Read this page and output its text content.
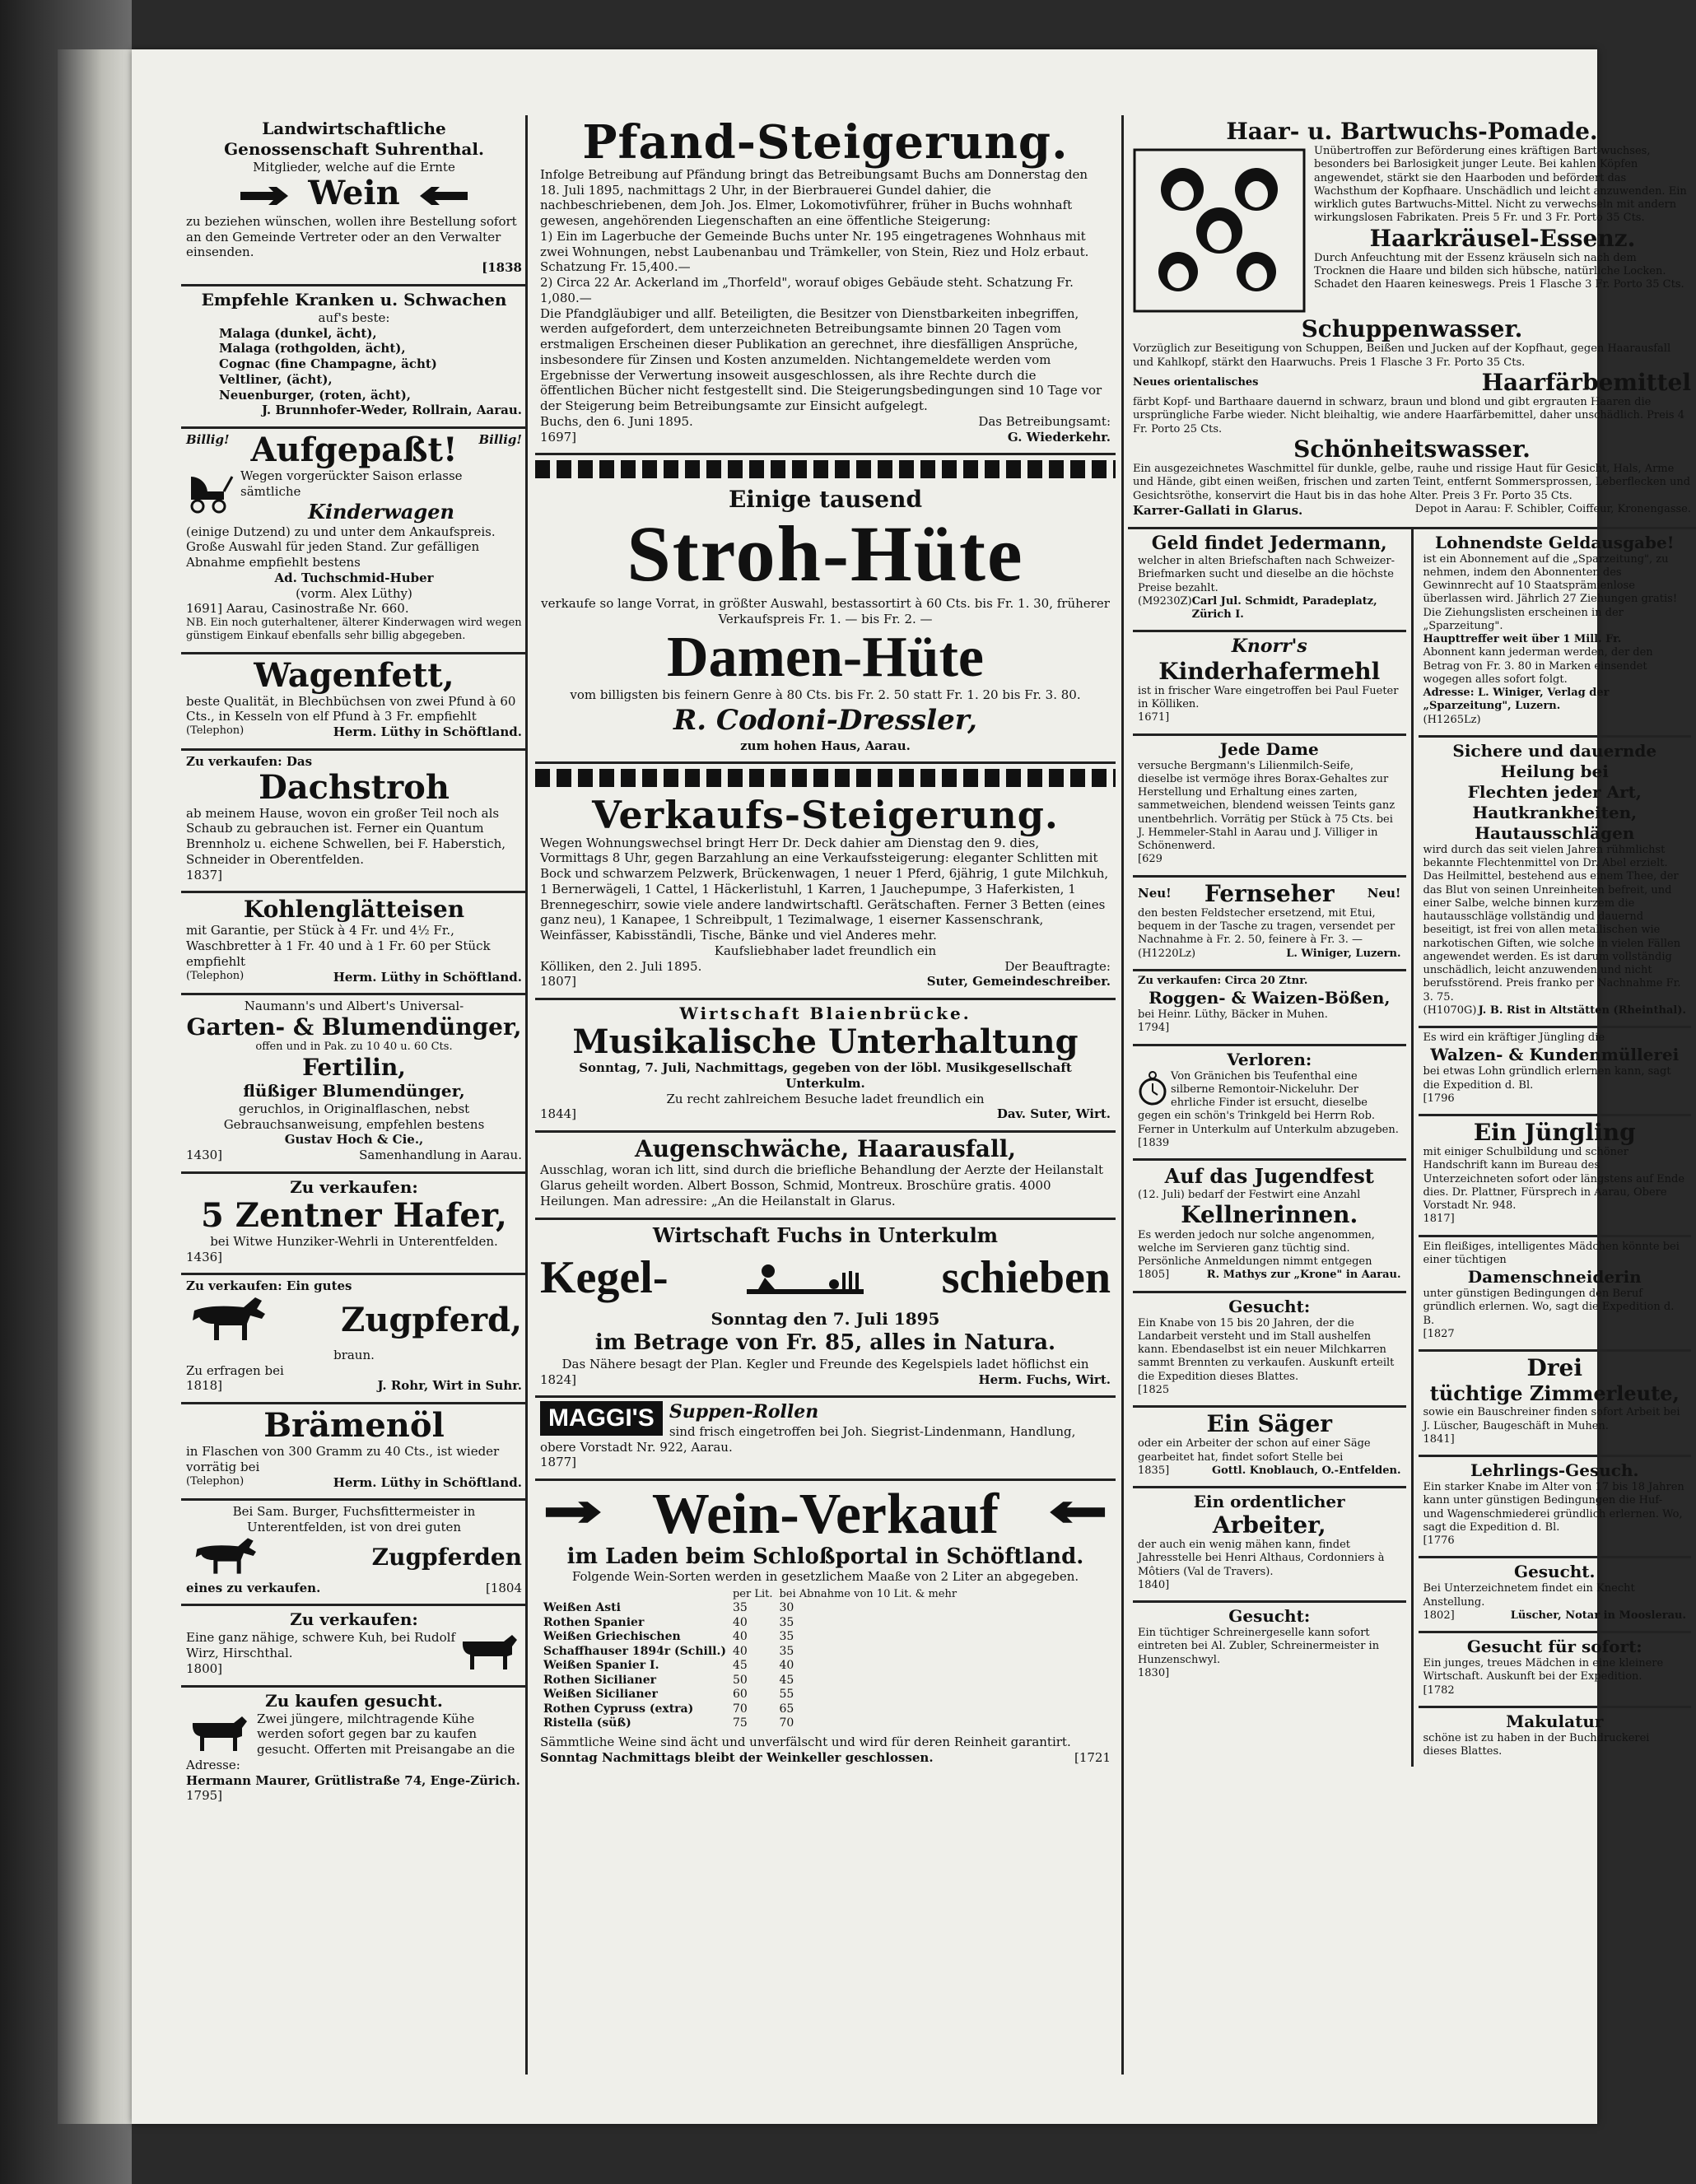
Landwirtschaftliche
Genossenschaft Suhrenthal.
Mitglieder, welche auf die Ernte
Wein
zu beziehen wünschen, wollen ihre Bestellung sofort an den Gemeinde Vertreter oder an den Verwalter einsenden.
[1838
Empfehle Kranken u. Schwachen
auf's beste:
Malaga (dunkel, ächt),
Malaga (rothgolden, ächt),
Cognac (fine Champagne, ächt)
Veltliner, (ächt),
Neuenburger, (roten, ächt),
J. Brunnhofer-Weder, Rollrain, Aarau.
Billig! Aufgepaßt! Billig!
Wegen vorgerückter Saison erlasse sämtliche
Kinderwagen
(einige Dutzend) zu und unter dem Ankaufspreis. Große Auswahl für jeden Stand. Zur gefälligen Abnahme empfiehlt bestens
Ad. Tuchschmid-Huber
(vorm. Alex Lüthy)
1691] Aarau, Casinostraße Nr. 660.
NB. Ein noch guterhaltener, älterer Kinderwagen wird wegen günstigem Einkauf ebenfalls sehr billig abgegeben.
Wagenfett,
beste Qualität, in Blechbüchsen von zwei Pfund à 60 Cts., in Kesseln von elf Pfund à 3 Fr. empfiehlt
(Telephon)	Herm. Lüthy in Schöftland.
Zu verkaufen: Das
Dachstroh
ab meinem Hause, wovon ein großer Teil noch als Schaub zu gebrauchen ist. Ferner ein Quantum Brennholz u. eichene Schwellen, bei F. Haberstich, Schneider in Oberentfelden.
1837]
Kohlenglätteisen
mit Garantie, per Stück à 4 Fr. und 4½ Fr., Waschbretter à 1 Fr. 40 und à 1 Fr. 60 per Stück empfiehlt
(Telephon)	Herm. Lüthy in Schöftland.
Naumann's und Albert's Universal-
Garten- & Blumendünger,
offen und in Pak. zu 10 40 u. 60 Cts.
Fertilin,
flüßiger Blumendünger,
geruchlos, in Originalflaschen, nebst Gebrauchsanweisung, empfehlen bestens
Gustav Hoch & Cie.,
1430]	Samenhandlung in Aarau.
Zu verkaufen:
5 Zentner Hafer,
bei Witwe Hunziker-Wehrli in Unterentfelden.
1436]
Zu verkaufen: Ein gutes
Zugpferd,
braun.
Zu erfragen bei
1818]	J. Rohr, Wirt in Suhr.
Brämenöl
in Flaschen von 300 Gramm zu 40 Cts., ist wieder vorrätig bei
(Telephon)	Herm. Lüthy in Schöftland.
Bei Sam. Burger, Fuchsfittermeister in Unterentfelden, ist von drei guten
Zugpferden
eines zu verkaufen.	[1804
Zu verkaufen:
Eine ganz nähige, schwere Kuh, bei Rudolf Wirz, Hirschthal.
1800]
Zu kaufen gesucht.
Zwei jüngere, milchtragende Kühe werden sofort gegen bar zu kaufen gesucht. Offerten mit Preisangabe an die Adresse:
Hermann Maurer, Grütlistraße 74, Enge-Zürich.
1795]
Pfand-Steigerung.
Infolge Betreibung auf Pfändung bringt das Betreibungsamt Buchs am Donnerstag den 18. Juli 1895, nachmittags 2 Uhr, in der Bierbrauerei Gundel dahier, die nachbeschriebenen, dem Joh. Jos. Elmer, Lokomotivführer, früher in Buchs wohnhaft gewesen, angehörenden Liegenschaften an eine öffentliche Steigerung:
1) Ein im Lagerbuche der Gemeinde Buchs unter Nr. 195 eingetragenes Wohnhaus mit zwei Wohnungen, nebst Laubenanbau und Trämkeller, von Stein, Riez und Holz erbaut. Schatzung Fr. 15,400.—
2) Circa 22 Ar. Ackerland im „Thorfeld", worauf obiges Gebäude steht. Schatzung Fr. 1,080.—
Die Pfandgläubiger und allf. Beteiligten, die Besitzer von Dienstbarkeiten inbegriffen, werden aufgefordert, dem unterzeichneten Betreibungsamte binnen 20 Tagen vom erstmaligen Erscheinen dieser Publikation an gerechnet, ihre diesfälligen Ansprüche, insbesondere für Zinsen und Kosten anzumelden. Nichtangemeldete werden vom Ergebnisse der Verwertung insoweit ausgeschlossen, als ihre Rechte durch die öffentlichen Bücher nicht festgestellt sind. Die Steigerungsbedingungen sind 10 Tage vor der Steigerung beim Betreibungsamte zur Einsicht aufgelegt.
Buchs, den 6. Juni 1895.	Das Betreibungsamt:
1697]	G. Wiederkehr.
Einige tausend
Stroh-Hüte
verkaufe so lange Vorrat, in größter Auswahl, bestassortirt à 60 Cts. bis Fr. 1. 30, früherer Verkaufspreis Fr. 1. — bis Fr. 2. —
Damen-Hüte
vom billigsten bis feinern Genre à 80 Cts. bis Fr. 2. 50 statt Fr. 1. 20 bis Fr. 3. 80.
R. Codoni-Dressler,
zum hohen Haus, Aarau.
Verkaufs-Steigerung.
Wegen Wohnungswechsel bringt Herr Dr. Deck dahier am Dienstag den 9. dies, Vormittags 8 Uhr, gegen Barzahlung an eine Verkaufssteigerung: eleganter Schlitten mit Bock und schwarzem Pelzwerk, Brückenwagen, 1 neuer 1 Pferd, 6jährig, 1 gute Milchkuh, 1 Bernerwägeli, 1 Cattel, 1 Häckerlistuhl, 1 Karren, 1 Jauchepumpe, 3 Haferkisten, 1 Brennegeschirr, sowie viele andere landwirtschaftl. Gerätschaften. Ferner 3 Betten (eines ganz neu), 1 Kanapee, 1 Schreibpult, 1 Tezimalwage, 1 eiserner Kassenschrank, Weinfässer, Kabisständli, Tische, Bänke und viel Anderes mehr.
Kaufsliebhaber ladet freundlich ein
Kölliken, den 2. Juli 1895.	Der Beauftragte:
1807]	Suter, Gemeindeschreiber.
Wirtschaft Blaienbrücke.
Musikalische Unterhaltung
Sonntag, 7. Juli, Nachmittags, gegeben von der löbl. Musikgesellschaft Unterkulm.
Zu recht zahlreichem Besuche ladet freundlich ein
1844]	Dav. Suter, Wirt.
Augenschwäche, Haarausfall,
Ausschlag, woran ich litt, sind durch die briefliche Behandlung der Aerzte der Heilanstalt Glarus geheilt worden. Albert Bosson, Schmid, Montreux. Broschüre gratis. 4000 Heilungen. Man adressire: „An die Heilanstalt in Glarus.
Wirtschaft Fuchs in Unterkulm
Kegel-	schieben
Sonntag den 7. Juli 1895
im Betrage von Fr. 85, alles in Natura.
Das Nähere besagt der Plan. Kegler und Freunde des Kegelspiels ladet höflichst ein
1824]	Herm. Fuchs, Wirt.
MAGGI'S Suppen-Rollen
sind frisch eingetroffen bei Joh. Siegrist-Lindenmann, Handlung, obere Vorstadt Nr. 922, Aarau.
1877]
Wein-Verkauf
im Laden beim Schloßportal in Schöftland.
Folgende Wein-Sorten werden in gesetzlichem Maaße von 2 Liter an abgegeben.
	per Lit.	bei Abnahme von 10 Lit. & mehr
Weißen Asti	35	30
Rothen Spanier	40	35
Weißen Griechischen	40	35
Schaffhauser 1894r (Schill.)	40	35
Weißen Spanier I.	45	40
Rothen Sicilianer	50	45
Weißen Sicilianer	60	55
Rothen Cypruss (extra)	70	65
Ristella (süß)	75	70
Sämmtliche Weine sind ächt und unverfälscht und wird für deren Reinheit garantirt.
Sonntag Nachmittags bleibt der Weinkeller geschlossen.	[1721
Haar- u. Bartwuchs-Pomade.
Unübertroffen zur Beförderung eines kräftigen Bart-wuchses, besonders bei Barlosigkeit junger Leute. Bei kahlen Köpfen angewendet, stärkt sie den Haarboden und befördert das Wachsthum der Kopfhaare. Unschädlich und leicht anzuwenden. Ein wirklich gutes Bartwuchs-Mittel. Nicht zu verwechseln mit andern wirkungslosen Fabrikaten. Preis 5 Fr. und 3 Fr. Porto 35 Cts.
Haarkräusel-Essenz.
Durch Anfeuchtung mit der Essenz kräuseln sich nach dem Trocknen die Haare und bilden sich hübsche, natürliche Locken. Schadet den Haaren keineswegs. Preis 1 Flasche 3 Fr. Porto 35 Cts.
Schuppenwasser.
Vorzüglich zur Beseitigung von Schuppen, Beißen und Jucken auf der Kopfhaut, gegen Haarausfall und Kahlkopf, stärkt den Haarwuchs. Preis 1 Flasche 3 Fr. Porto 35 Cts.
Neues orientalisches	Haarfärbemittel
färbt Kopf- und Barthaare dauernd in schwarz, braun und blond und gibt ergrauten Haaren die ursprüngliche Farbe wieder. Nicht bleihaltig, wie andere Haarfärbemittel, daher unschädlich. Preis 4 Fr. Porto 25 Cts.
Schönheitswasser.
Ein ausgezeichnetes Waschmittel für dunkle, gelbe, rauhe und rissige Haut für Gesicht, Hals, Arme und Hände, gibt einen weißen, frischen und zarten Teint, entfernt Sommersprossen, Leberflecken und Gesichtsröthe, konservirt die Haut bis in das hohe Alter. Preis 3 Fr. Porto 35 Cts.
Karrer-Gallati in Glarus.	Depot in Aarau: F. Schibler, Coiffeur, Kronengasse.
Geld findet Jedermann,
welcher in alten Briefschaften nach Schweizer-Briefmarken sucht und dieselbe an die höchste Preise bezahlt.
(M9230Z) Carl Jul. Schmidt, Paradeplatz, Zürich I.
Knorr's
Kinderhafermehl
ist in frischer Ware eingetroffen bei Paul Fueter in Kölliken.
1671]
Jede Dame
versuche Bergmann's Lilienmilch-Seife, dieselbe ist vermöge ihres Borax-Gehaltes zur Herstellung und Erhaltung eines zarten, sammetweichen, blendend weissen Teints ganz unentbehrlich. Vorrätig per Stück à 75 Cts. bei J. Hemmeler-Stahl in Aarau und J. Villiger in Schönenwerd.
[629
Neu! Fernseher	Neu!
den besten Feldstecher ersetzend, mit Etui, bequem in der Tasche zu tragen, versendet per Nachnahme à Fr. 2. 50, feinere à Fr. 3. —
(H1220Lz)	L. Winiger, Luzern.
Zu verkaufen: Circa 20 Ztnr.
Roggen- & Waizen-Bößen,
bei Heinr. Lüthy, Bäcker in Muhen.
1794]
Verloren:
Von Gränichen bis Teufenthal eine silberne Remontoir-Nickeluhr. Der ehrliche Finder ist ersucht, dieselbe gegen ein schön's Trinkgeld bei Herrn Rob. Ferner in Unterkulm auf Unterkulm abzugeben.
[1839
Auf das Jugendfest
(12. Juli) bedarf der Festwirt eine Anzahl
Kellnerinnen.
Es werden jedoch nur solche angenommen, welche im Servieren ganz tüchtig sind. Persönliche Anmeldungen nimmt entgegen
1805]	R. Mathys zur „Krone" in Aarau.
Gesucht:
Ein Knabe von 15 bis 20 Jahren, der die Landarbeit versteht und im Stall aushelfen kann. Ebendaselbst ist ein neuer Milchkarren sammt Brennten zu verkaufen. Auskunft erteilt die Expedition dieses Blattes.
[1825
Ein Säger
oder ein Arbeiter der schon auf einer Säge gearbeitet hat, findet sofort Stelle bei
1835]	Gottl. Knoblauch, O.-Entfelden.
Ein ordentlicher
Arbeiter,
der auch ein wenig mähen kann, findet Jahresstelle bei Henri Althaus, Cordonniers à Môtiers (Val de Travers).
1840]
Gesucht:
Ein tüchtiger Schreinergeselle kann sofort eintreten bei Al. Zubler, Schreinermeister in Hunzenschwyl.
1830]
Lohnendste Geldausgabe!
ist ein Abonnement auf die „Sparzeitung", zu nehmen, indem den Abonnenten des Gewinnrecht auf 10 Staatsprämienlose überlassen wird. Jährlich 27 Ziehungen gratis! Die Ziehungslisten erscheinen in der „Sparzeitung".
Haupttreffer weit über 1 Mill. Fr.
Abonnent kann jederman werden, der den Betrag von Fr. 3. 80 in Marken einsendet wogegen alles sofort folgt.
Adresse: L. Winiger, Verlag der „Sparzeitung", Luzern.
(H1265Lz)
Sichere und dauernde
Heilung bei
Flechten jeder Art,
Hautkrankheiten,
Hautausschlägen
wird durch das seit vielen Jahren rühmlichst bekannte Flechtenmittel von Dr. Abel erzielt. Das Heilmittel, bestehend aus einem Thee, der das Blut von seinen Unreinheiten befreit, und einer Salbe, welche binnen kurzem die hautausschläge vollständig und dauernd beseitigt, ist frei von allen metallischen wie narkotischen Giften, wie solche in vielen Fällen angewendet werden. Es ist darum vollständig unschädlich, leicht anzuwenden und nicht berufsstörend. Preis franko per Nachnahme Fr. 3. 75.
(H1070G) J. B. Rist in Altstätten (Rheinthal).
Es wird ein kräftiger Jüngling die
Walzen- & Kundenmüllerei
bei etwas Lohn gründlich erlernen kann, sagt die Expedition d. Bl.
[1796
Ein Jüngling
mit einiger Schulbildung und schöner Handschrift kann im Bureau des Unterzeichneten sofort oder längstens auf Ende dies. Dr. Plattner, Fürsprech in Aarau, Obere Vorstadt Nr. 948.
1817]
Ein fleißiges, intelligentes Mädchen könnte bei einer tüchtigen
Damenschneiderin
unter günstigen Bedingungen den Beruf gründlich erlernen. Wo, sagt die Expedition d. B.
[1827
Drei
tüchtige Zimmerleute,
sowie ein Bauschreiner finden sofort Arbeit bei J. Lüscher, Baugeschäft in Muhen.
1841]
Lehrlings-Gesuch.
Ein starker Knabe im Alter von 17 bis 18 Jahren kann unter günstigen Bedingungen die Huf- und Wagenschmiederei gründlich erlernen. Wo, sagt die Expedition d. Bl.
[1776
Gesucht.
Bei Unterzeichnetem findet ein Knecht Anstellung.
1802]	Lüscher, Notar in Mooslerau.
Gesucht für sofort:
Ein junges, treues Mädchen in eine kleinere Wirtschaft. Auskunft bei der Expedition.
[1782
Makulatur
schöne ist zu haben in der Buchdruckerei dieses Blattes.
